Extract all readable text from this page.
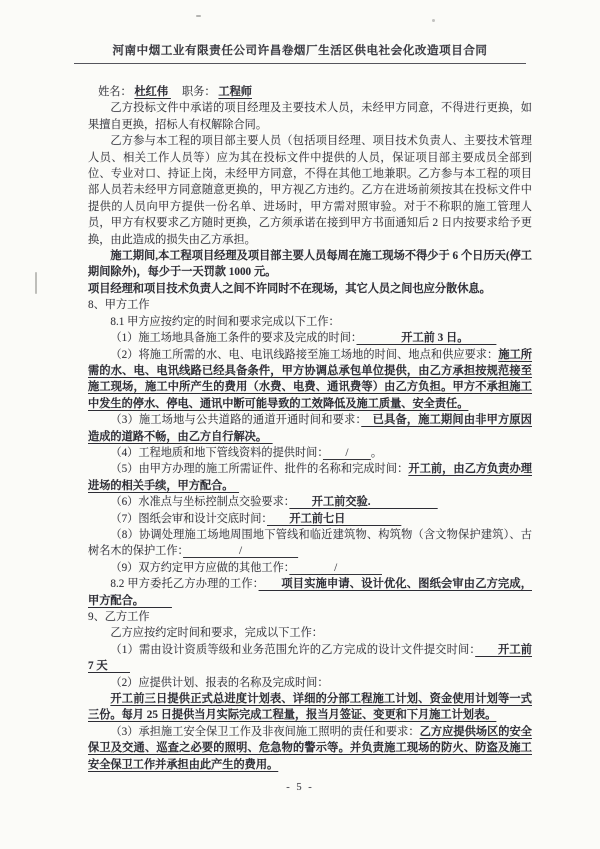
河南中烟工业有限责任公司许昌卷烟厂生活区供电社会化改造项目合同

姓名： 杜红伟 　职务： 工程师

乙方投标文件中承诺的项目经理及主要技术人员，未经甲方同意，不得进行更换，如果擅自更换，招标人有权解除合同。

乙方参与本工程的项目部主要人员（包括项目经理、项目技术负责人、主要技术管理人员、相关工作人员等）应为其在投标文件中提供的人员，保证项目部主要成员全部到位、专业对口、持证上岗，未经甲方同意，不得在其他工地兼职。乙方参与本工程的项目部人员若未经甲方同意随意更换的，甲方视乙方违约。乙方在进场前须按其在投标文件中提供的人员向甲方提供一份名单、进场时，甲方需对照审验。对于不称职的施工管理人员，甲方有权要求乙方随时更换，乙方须承诺在接到甲方书面通知后 2 日内按要求给予更换，由此造成的损失由乙方承担。

施工期间,本工程项目经理及项目部主要人员每周在施工现场不得少于 6 个日历天(停工期间除外)，每少于一天罚款 1000 元。

项目经理和项目技术负责人之间不许同时不在现场，其它人员之间也应分散休息。

8、甲方工作

8.1 甲方应按约定的时间和要求完成以下工作：

（1）施工场地具备施工条件的要求及完成的时间：　　　　开工前 3 日。　　　

（2）将施工所需的水、电、电讯线路接至施工场地的时间、地点和供应要求：施工所需的水、电、电讯线路已经具备条件，甲方协调总承包单位提供，由乙方承担按规范接至施工现场，施工中所产生的费用（水费、电费、通讯费等）由乙方负担。甲方不承担施工中发生的停水、停电、通讯中断可能导致的工效降低及施工质量、安全责任。

（3）施工场地与公共道路的通道开通时间和要求：　已具备，施工期间由非甲方原因造成的道路不畅，由乙方自行解决。　

（4）工程地质和地下管线资料的提供时间：　　/　　。

（5）由甲方办理的施工所需证件、批件的名称和完成时间：开工前，由乙方负责办理进场的相关手续，甲方配合。　

（6）水准点与坐标控制点交验要求：　　开工前交验.　　　　　　

（7）图纸会审和设计交底时间：　　开工前七日　　　　　

（8）协调处理施工场地周围地下管线和临近建筑物、构筑物（含文物保护建筑）、古树名木的保护工作：　　　　　/　　　　　

（9）双方约定甲方应做的其他工作：　　　　/　　　　

8.2 甲方委托乙方办理的工作：　　项目实施申请、设计优化、图纸会审由乙方完成，甲方配合。　　　

9、乙方工作

乙方应按约定时间和要求，完成以下工作：

（1）需由设计资质等级和业务范围允许的乙方完成的设计文件提交时间：　　开工前 7 天　　

（2）应提供计划、报表的名称及完成时间：

开工前三日提供正式总进度计划表、详细的分部工程施工计划、资金使用计划等一式三份。每月 25 日提供当月实际完成工程量，报当月签证、变更和下月施工计划表。

（3）承担施工安全保卫工作及非夜间施工照明的责任和要求：乙方应提供场区的安全保卫及交通、巡查之必要的照明、危急物的警示等。并负责施工现场的防火、防盗及施工安全保卫工作并承担由此产生的费用。

- 5 -
